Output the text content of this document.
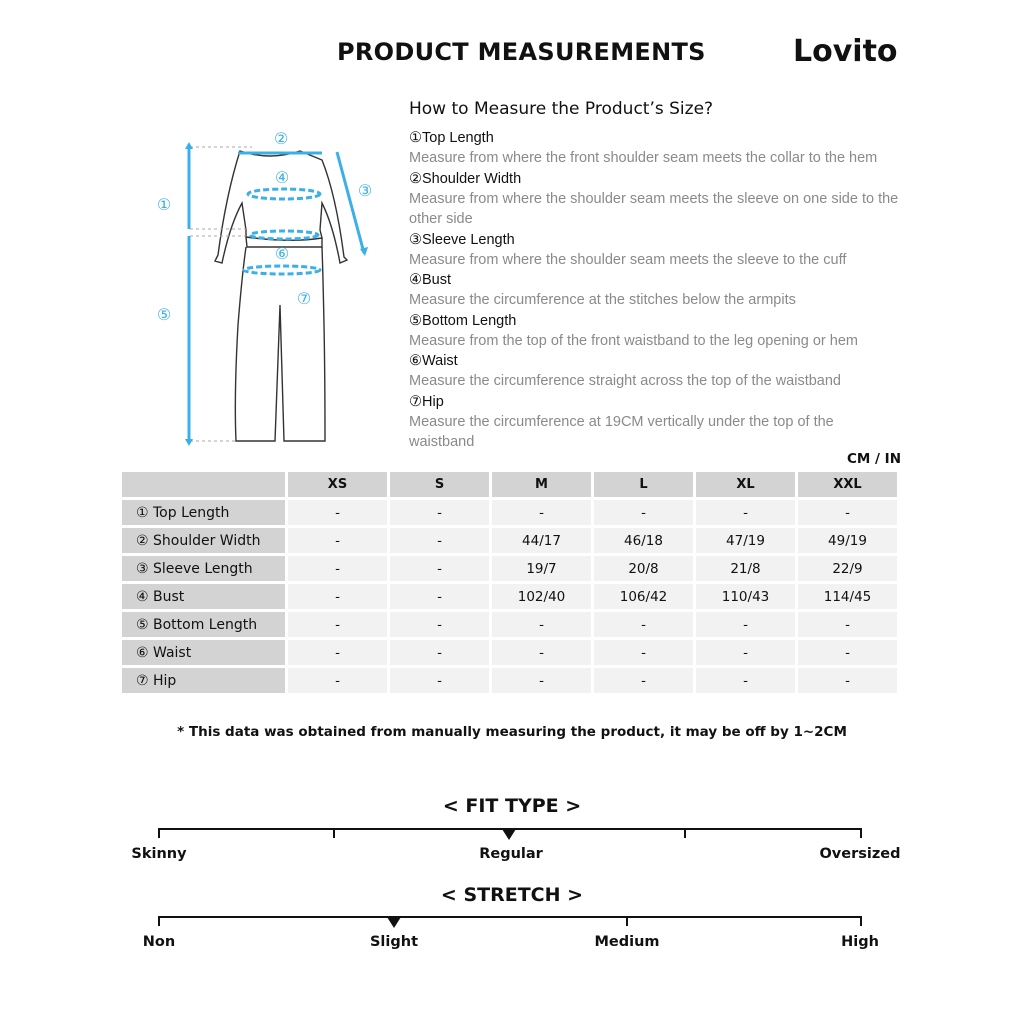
PRODUCT MEASUREMENTS	Lovito
②
①
③
④
⑤
⑥
⑦
How to Measure the Product’s Size?
①Top Length
Measure from where the front shoulder seam meets the collar to the hem
②Shoulder Width
Measure from where the shoulder seam meets the sleeve on one side to the other side
③Sleeve Length
Measure from where the shoulder seam meets the sleeve to the cuff
④Bust
Measure the circumference at the stitches below the armpits
⑤Bottom Length
Measure from the top of the front waistband to the leg opening or hem
⑥Waist
Measure the circumference straight across the top of the waistband
⑦Hip
Measure the circumference at 19CM vertically under the top of the waistband
CM / IN
	XS	S	M	L	XL	XXL
① Top Length	-	-	-	-	-	-
② Shoulder Width	-	-	44/17	46/18	47/19	49/19
③ Sleeve Length	-	-	19/7	20/8	21/8	22/9
④ Bust	-	-	102/40	106/42	110/43	114/45
⑤ Bottom Length	-	-	-	-	-	-
⑥ Waist	-	-	-	-	-	-
⑦ Hip	-	-	-	-	-	-
* This data was obtained from manually measuring the product, it may be off by 1~2CM
< FIT TYPE >
Skinny	Regular	Oversized
< STRETCH >
Non	Slight	Medium	High
